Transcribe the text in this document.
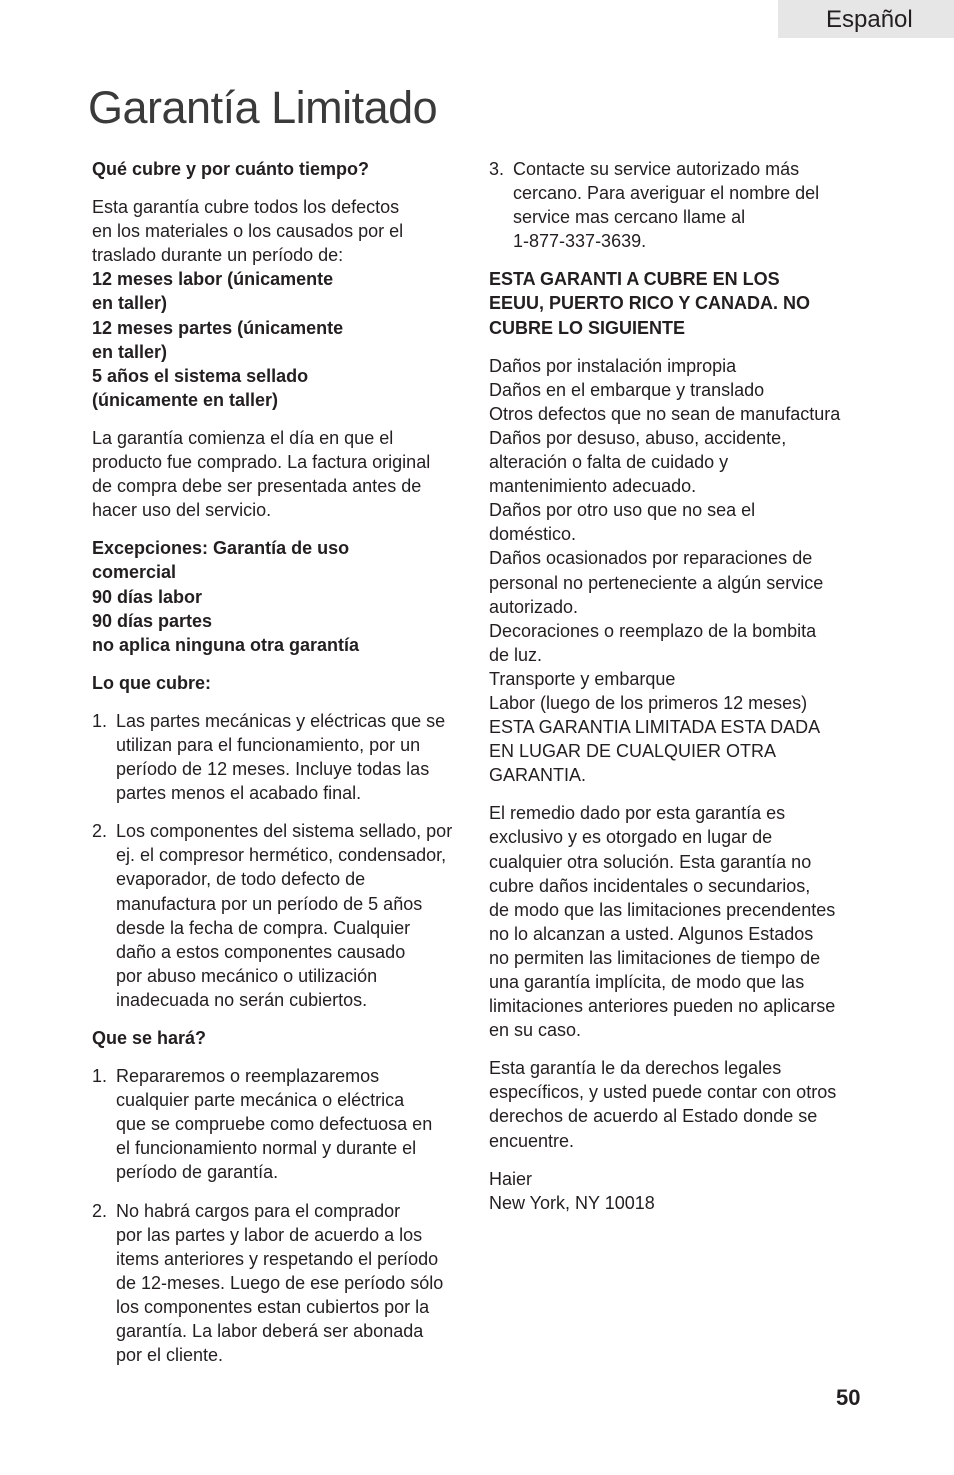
Español
Garantía Limitado

Qué cubre y por cuánto tiempo?

Esta garantía cubre todos los defectos
en los materiales o los causados por el
traslado durante un período de:
12 meses labor (únicamente
en taller)
12 meses partes (únicamente
en taller)
5 años el sistema sellado
(únicamente en taller)

La garantía comienza el día en que el
producto fue comprado. La factura original
de compra debe ser presentada antes de
hacer uso del servicio.

Excepciones: Garantía de uso
comercial
90 días labor
90 días partes
no aplica ninguna otra garantía

Lo que cubre:

1. Las partes mecánicas y eléctricas que se
utilizan para el funcionamiento, por un
período de 12 meses. Incluye todas las
partes menos el acabado final.
2. Los componentes del sistema sellado, por
ej. el compresor hermético, condensador,
evaporador, de todo defecto de
manufactura por un período de 5 años
desde la fecha de compra. Cualquier
daño a estos componentes causado
por abuso mecánico o utilización
inadecuada no serán cubiertos.

Que se hará?

1. Repararemos o reemplazaremos
cualquier parte mecánica o eléctrica
que se compruebe como defectuosa en
el funcionamiento normal y durante el
período de garantía.
2. No habrá cargos para el comprador
por las partes y labor de acuerdo a los
items anteriores y respetando el período
de 12-meses. Luego de ese período sólo
los componentes estan cubiertos por la
garantía. La labor deberá ser abonada
por el cliente.
3. Contacte su service autorizado más
cercano. Para averiguar el nombre del
service mas cercano llame al
1-877-337-3639.

ESTA GARANTI A CUBRE EN LOS
EEUU, PUERTO RICO Y CANADA. NO
CUBRE LO SIGUIENTE

Daños por instalación impropia
Daños en el embarque y translado
Otros defectos que no sean de manufactura
Daños por desuso, abuso, accidente,
alteración o falta de cuidado y
mantenimiento adecuado.
Daños por otro uso que no sea el
doméstico.
Daños ocasionados por reparaciones de
personal no perteneciente a algún service
autorizado.
Decoraciones o reemplazo de la bombita
de luz.
Transporte y embarque
Labor (luego de los primeros 12 meses)
ESTA GARANTIA LIMITADA ESTA DADA
EN LUGAR DE CUALQUIER OTRA
GARANTIA.

El remedio dado por esta garantía es
exclusivo y es otorgado en lugar de
cualquier otra solución. Esta garantía no
cubre daños incidentales o secundarios,
de modo que las limitaciones precendentes
no lo alcanzan a usted. Algunos Estados
no permiten las limitaciones de tiempo de
una garantía implícita, de modo que las
limitaciones anteriores pueden no aplicarse
en su caso.

Esta garantía le da derechos legales
específicos, y usted puede contar con otros
derechos de acuerdo al Estado donde se
encuentre.

Haier
New York, NY 10018

50
